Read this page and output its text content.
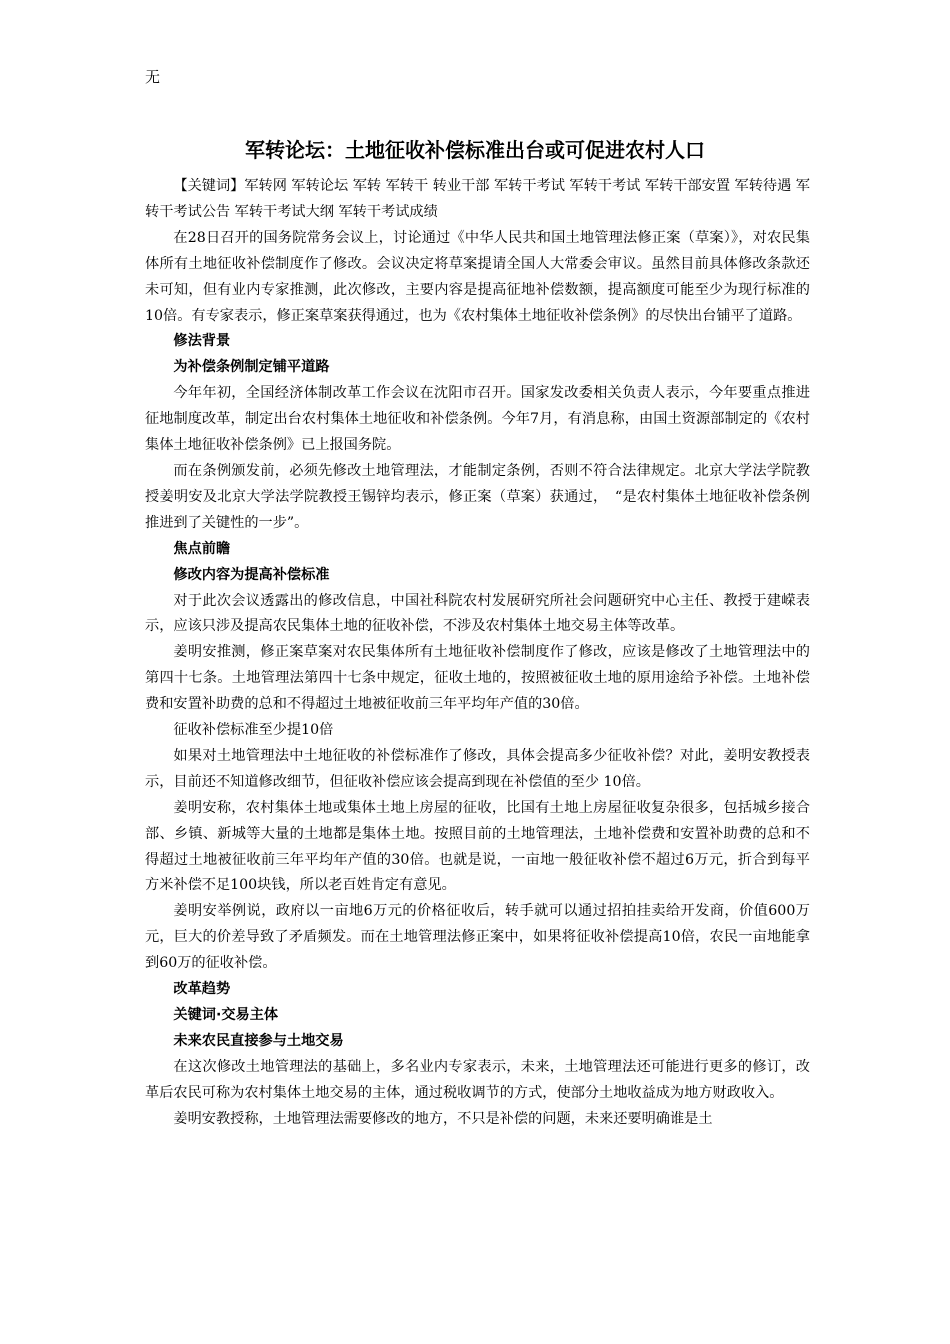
无
军转论坛：土地征收补偿标准出台或可促进农村人口

【关键词】军转网 军转论坛 军转 军转干 转业干部 军转干考试 军转干考试 军转干部安置 军转待遇 军转干考试公告 军转干考试大纲 军转干考试成绩

在28日召开的国务院常务会议上，讨论通过《中华人民共和国土地管理法修正案（草案）》，对农民集体所有土地征收补偿制度作了修改。会议决定将草案提请全国人大常委会审议。虽然目前具体修改条款还未可知，但有业内专家推测，此次修改，主要内容是提高征地补偿数额，提高额度可能至少为现行标准的10倍。有专家表示，修正案草案获得通过，也为《农村集体土地征收补偿条例》的尽快出台铺平了道路。

修法背景

为补偿条例制定铺平道路

今年年初，全国经济体制改革工作会议在沈阳市召开。国家发改委相关负责人表示，今年要重点推进征地制度改革，制定出台农村集体土地征收和补偿条例。今年7月，有消息称，由国土资源部制定的《农村集体土地征收补偿条例》已上报国务院。

而在条例颁发前，必须先修改土地管理法，才能制定条例，否则不符合法律规定。北京大学法学院教授姜明安及北京大学法学院教授王锡锌均表示，修正案（草案）获通过，　“是农村集体土地征收补偿条例推进到了关键性的一步”。

焦点前瞻

修改内容为提高补偿标准

对于此次会议透露出的修改信息，中国社科院农村发展研究所社会问题研究中心主任、教授于建嵘表示，应该只涉及提高农民集体土地的征收补偿，不涉及农村集体土地交易主体等改革。

姜明安推测，修正案草案对农民集体所有土地征收补偿制度作了修改，应该是修改了土地管理法中的第四十七条。土地管理法第四十七条中规定，征收土地的，按照被征收土地的原用途给予补偿。土地补偿费和安置补助费的总和不得超过土地被征收前三年平均年产值的30倍。

征收补偿标准至少提10倍

如果对土地管理法中土地征收的补偿标准作了修改，具体会提高多少征收补偿？对此，姜明安教授表示，目前还不知道修改细节，但征收补偿应该会提高到现在补偿值的至少 10倍。

姜明安称，农村集体土地或集体土地上房屋的征收，比国有土地上房屋征收复杂很多，包括城乡接合部、乡镇、新城等大量的土地都是集体土地。按照目前的土地管理法，土地补偿费和安置补助费的总和不得超过土地被征收前三年平均年产值的30倍。也就是说，一亩地一般征收补偿不超过6万元，折合到每平方米补偿不足100块钱，所以老百姓肯定有意见。

姜明安举例说，政府以一亩地6万元的价格征收后，转手就可以通过招拍挂卖给开发商，价值600万元，巨大的价差导致了矛盾频发。而在土地管理法修正案中，如果将征收补偿提高10倍，农民一亩地能拿到60万的征收补偿。

改革趋势

关键词·交易主体

未来农民直接参与土地交易

在这次修改土地管理法的基础上，多名业内专家表示，未来，土地管理法还可能进行更多的修订，改革后农民可称为农村集体土地交易的主体，通过税收调节的方式，使部分土地收益成为地方财政收入。

姜明安教授称，土地管理法需要修改的地方，不只是补偿的问题，未来还要明确谁是土
